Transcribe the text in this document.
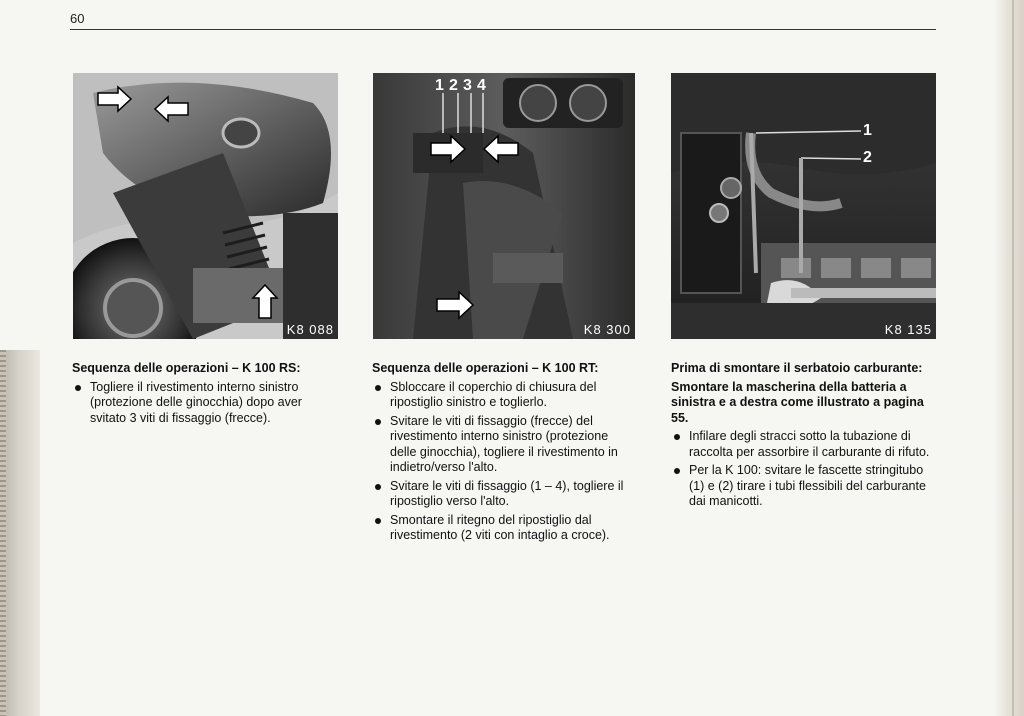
60
K8 088
1 2 3 4
K8 300
1
2
K8 135
Sequenza delle operazioni – K 100 RS:
Togliere il rivestimento interno sinistro (protezione delle ginocchia) dopo aver svitato 3 viti di fissaggio (frecce).
Sequenza delle operazioni – K 100 RT:
Sbloccare il coperchio di chiusura del ripostiglio sinistro e toglierlo.
Svitare le viti di fissaggio (frecce) del rivestimento interno sinistro (protezione delle ginocchia), togliere il rivestimento in indietro/verso l'alto.
Svitare le viti di fissaggio (1 – 4), togliere il ripostiglio verso l'alto.
Smontare il ritegno del ripostiglio dal rivestimento (2 viti con intaglio a croce).
Prima di smontare il serbatoio carburante:
Smontare la mascherina della batteria a sinistra e a destra come illustrato a pagina 55.
Infilare degli stracci sotto la tubazione di raccolta per assorbire il carburante di rifuto.
Per la K 100: svitare le fascette stringitubo (1) e (2) tirare i tubi flessibili del carburante dai manicotti.
